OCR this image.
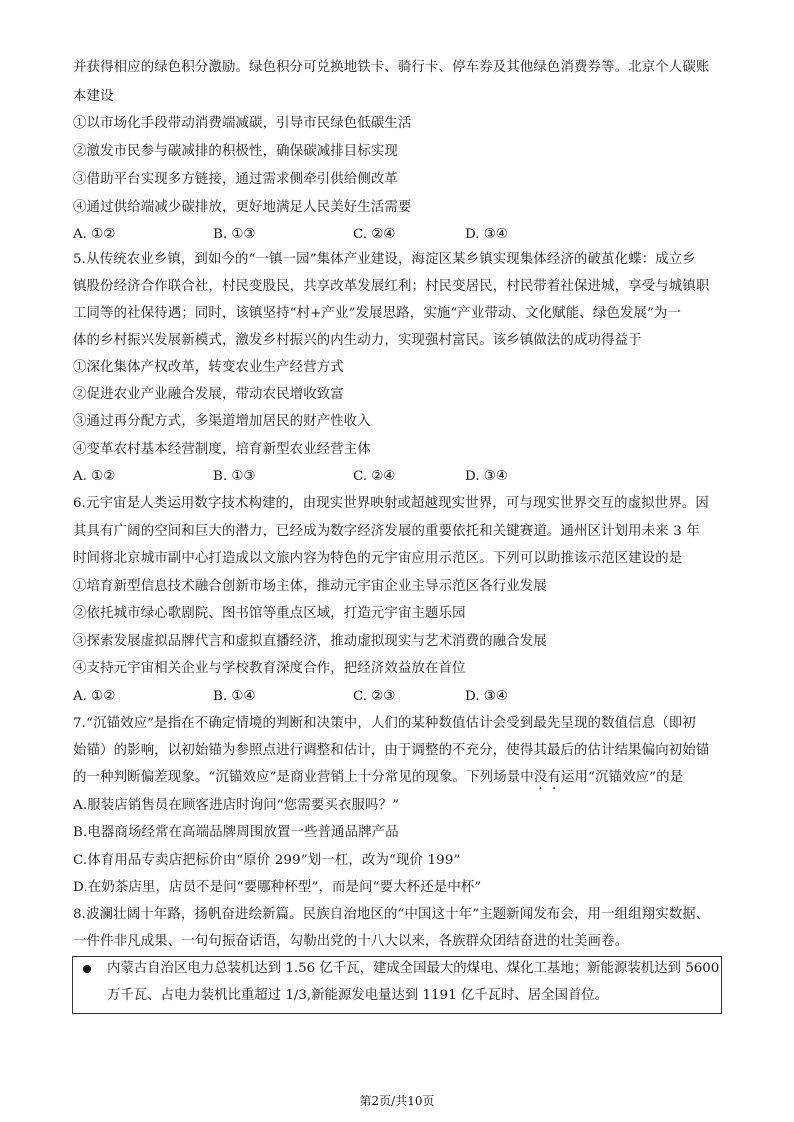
并获得相应的绿色积分激励。绿色积分可兑换地铁卡、骑行卡、停车券及其他绿色消费券等。北京个人碳账
本建设
①以市场化手段带动消费端减碳，引导市民绿色低碳生活
②激发市民参与碳减排的积极性，确保碳减排目标实现
③借助平台实现多方链接，通过需求侧牵引供给侧改革
④通过供给端减少碳排放，更好地满足人民美好生活需要
A. ①②	B. ①③	C. ②④	D. ③④
5.从传统农业乡镇，到如今的“一镇一园”集体产业建设，海淀区某乡镇实现集体经济的破茧化蝶：成立乡
镇股份经济合作联合社，村民变股民，共享改革发展红利；村民变居民，村民带着社保进城，享受与城镇职
工同等的社保待遇；同时，该镇坚持“村+产业”发展思路，实施“产业带动、文化赋能、绿色发展”为一
体的乡村振兴发展新模式，激发乡村振兴的内生动力，实现强村富民。该乡镇做法的成功得益于
①深化集体产权改革，转变农业生产经营方式
②促进农业产业融合发展，带动农民增收致富
③通过再分配方式，多渠道增加居民的财产性收入
④变革农村基本经营制度，培育新型农业经营主体
A. ①②	B. ①③	C. ②④	D. ③④
6.元宇宙是人类运用数字技术构建的，由现实世界映射或超越现实世界，可与现实世界交互的虚拟世界。因
其具有广阔的空间和巨大的潜力，已经成为数字经济发展的重要依托和关键赛道。通州区计划用未来 3 年
时间将北京城市副中心打造成以文旅内容为特色的元宇宙应用示范区。下列可以助推该示范区建设的是
①培育新型信息技术融合创新市场主体，推动元宇宙企业主导示范区各行业发展
②依托城市绿心歌剧院、图书馆等重点区域，打造元宇宙主题乐园
③探索发展虚拟品牌代言和虚拟直播经济，推动虚拟现实与艺术消费的融合发展
④支持元宇宙相关企业与学校教育深度合作，把经济效益放在首位
A. ①②	B. ①④	C. ②③	D. ③④
7.“沉锚效应”是指在不确定情境的判断和决策中，人们的某种数值估计会受到最先呈现的数值信息（即初
始锚）的影响，以初始锚为参照点进行调整和估计，由于调整的不充分，使得其最后的估计结果偏向初始锚
的一种判断偏差现象。“沉锚效应”是商业营销上十分常见的现象。下列场景中没有运用“沉锚效应”的是
A.服装店销售员在顾客进店时询问“您需要买衣服吗？”
B.电器商场经常在高端品牌周围放置一些普通品牌产品
C.体育用品专卖店把标价由“原价 299”划一杠，改为“现价 199”
D.在奶茶店里，店员不是问“要哪种杯型”，而是问“要大杯还是中杯”
8.波澜壮阔十年路，扬帆奋进绘新篇。民族自治地区的“中国这十年”主题新闻发布会，用一组组翔实数据、
一件件非凡成果、一句句振奋话语，勾勒出党的十八大以来，各族群众团结奋进的壮美画卷。
内蒙古自治区电力总装机达到 1.56 亿千瓦，建成全国最大的煤电、煤化工基地；新能源装机达到 5600
万千瓦、占电力装机比重超过 1/3,新能源发电量达到 1191 亿千瓦时、居全国首位。
第2页/共10页
